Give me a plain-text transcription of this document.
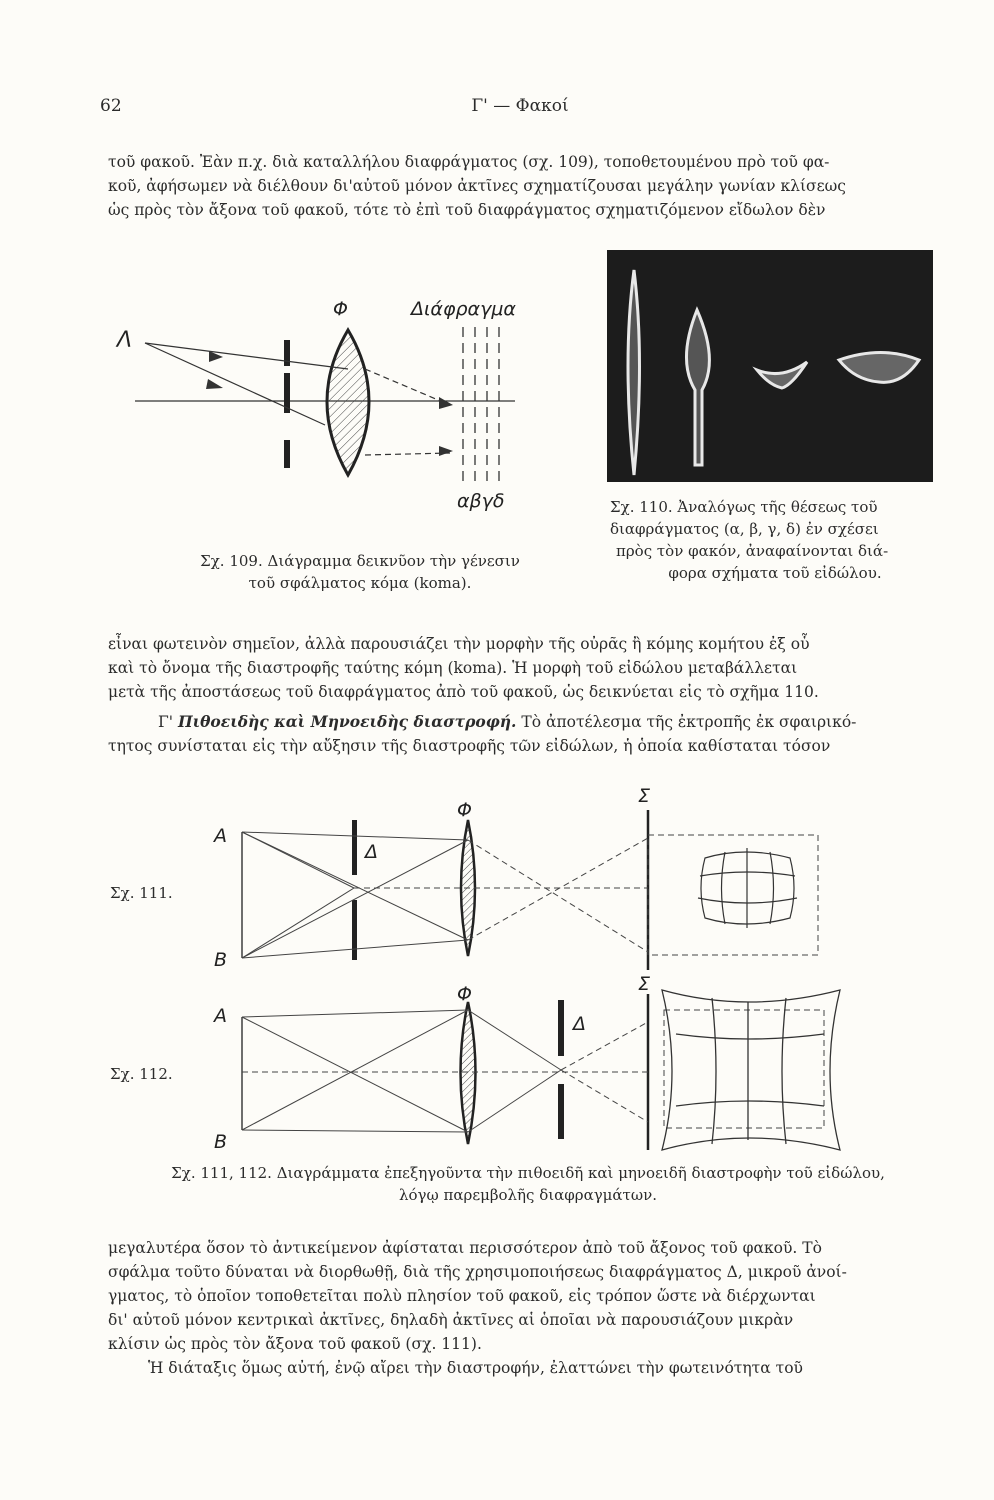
62	Γ' — Φακοί
τοῦ φακοῦ. Ἐὰν π.χ. διὰ καταλλήλου διαφράγματος (σχ. 109), τοποθετουμένου πρὸ τοῦ φα-
κοῦ, ἀφήσωμεν νὰ διέλθουν δι'αὐτοῦ μόνον ἀκτῖνες σχηματίζουσαι μεγάλην γωνίαν κλίσεως
ὡς πρὸς τὸν ἄξονα τοῦ φακοῦ, τότε τὸ ἐπὶ τοῦ διαφράγματος σχηματιζόμενον εἴδωλον δὲν
Λ
Φ	Διάφραγμα
αβγδ
Σχ. 109. Διάγραμμα δεικνῦον τὴν γένεσιν
τοῦ σφάλματος κόμα (koma).
Σχ. 110. Ἀναλόγως τῆς θέσεως τοῦ
διαφράγματος (α, β, γ, δ) ἐν σχέσει
πρὸς τὸν φακόν, ἀναφαίνονται διά-
φορα σχήματα τοῦ εἰδώλου.
εἶναι φωτεινὸν σημεῖον, ἀλλὰ παρουσιάζει τὴν μορφὴν τῆς οὐρᾶς ἢ κόμης κομήτου ἐξ οὗ
καὶ τὸ ὄνομα τῆς διαστροφῆς ταύτης κόμη (koma). Ἡ μορφὴ τοῦ εἰδώλου μεταβάλλεται
μετὰ τῆς ἀποστάσεως τοῦ διαφράγματος ἀπὸ τοῦ φακοῦ, ὡς δεικνύεται εἰς τὸ σχῆμα 110.
Γ' Πιθοειδὴς καὶ Μηνοειδὴς διαστροφή. Τὸ ἀποτέλεσμα τῆς ἐκτροπῆς ἐκ σφαιρικό-
τητος συνίσταται εἰς τὴν αὔξησιν τῆς διαστροφῆς τῶν εἰδώλων, ἡ ὁποία καθίσταται τόσον
Σχ. 111.
A
B
Δ
Φ
Σ
Σχ. 112.
A
B
Δ
Φ	Σ
Σχ. 111, 112. Διαγράμματα ἐπεξηγοῦντα τὴν πιθοειδῆ καὶ μηνοειδῆ διαστροφὴν τοῦ εἰδώλου,
λόγῳ παρεμβολῆς διαφραγμάτων.
μεγαλυτέρα ὅσον τὸ ἀντικείμενον ἀφίσταται περισσότερον ἀπὸ τοῦ ἄξονος τοῦ φακοῦ. Τὸ
σφάλμα τοῦτο δύναται νὰ διορθωθῇ, διὰ τῆς χρησιμοποιήσεως διαφράγματος Δ, μικροῦ ἀνοί-
γματος, τὸ ὁποῖον τοποθετεῖται πολὺ πλησίον τοῦ φακοῦ, εἰς τρόπον ὥστε νὰ διέρχωνται
δι' αὐτοῦ μόνον κεντρικαὶ ἀκτῖνες, δηλαδὴ ἀκτῖνες αἱ ὁποῖαι νὰ παρουσιάζουν μικρὰν
κλίσιν ὡς πρὸς τὸν ἄξονα τοῦ φακοῦ (σχ. 111).
Ἡ διάταξις ὅμως αὐτή, ἐνῷ αἴρει τὴν διαστροφήν, ἐλαττώνει τὴν φωτεινότητα τοῦ
